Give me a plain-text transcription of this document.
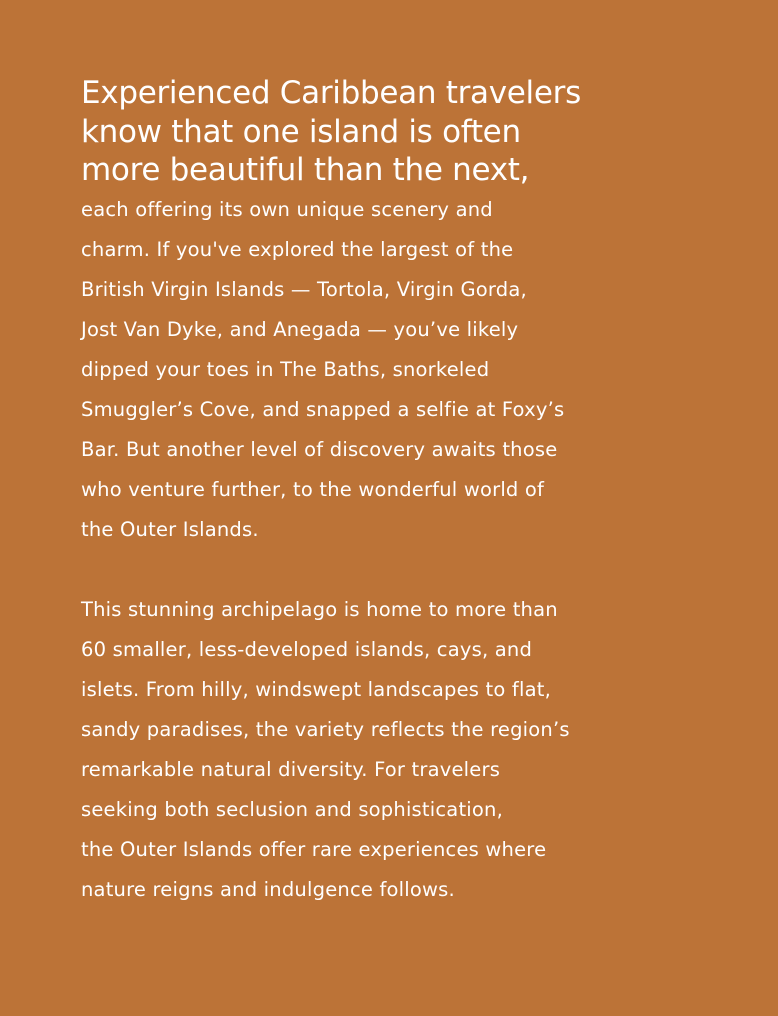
Experienced Caribbean travelers
know that one island is often
more beautiful than the next,

each offering its own unique scenery and
charm. If you've explored the largest of the
British Virgin Islands — Tortola, Virgin Gorda,
Jost Van Dyke, and Anegada — you’ve likely
dipped your toes in The Baths, snorkeled
Smuggler’s Cove, and snapped a selfie at Foxy’s
Bar. But another level of discovery awaits those
who venture further, to the wonderful world of
the Outer Islands.

This stunning archipelago is home to more than
60 smaller, less-developed islands, cays, and
islets. From hilly, windswept landscapes to flat,
sandy paradises, the variety reflects the region’s
remarkable natural diversity. For travelers
seeking both seclusion and sophistication,
the Outer Islands offer rare experiences where
nature reigns and indulgence follows.
